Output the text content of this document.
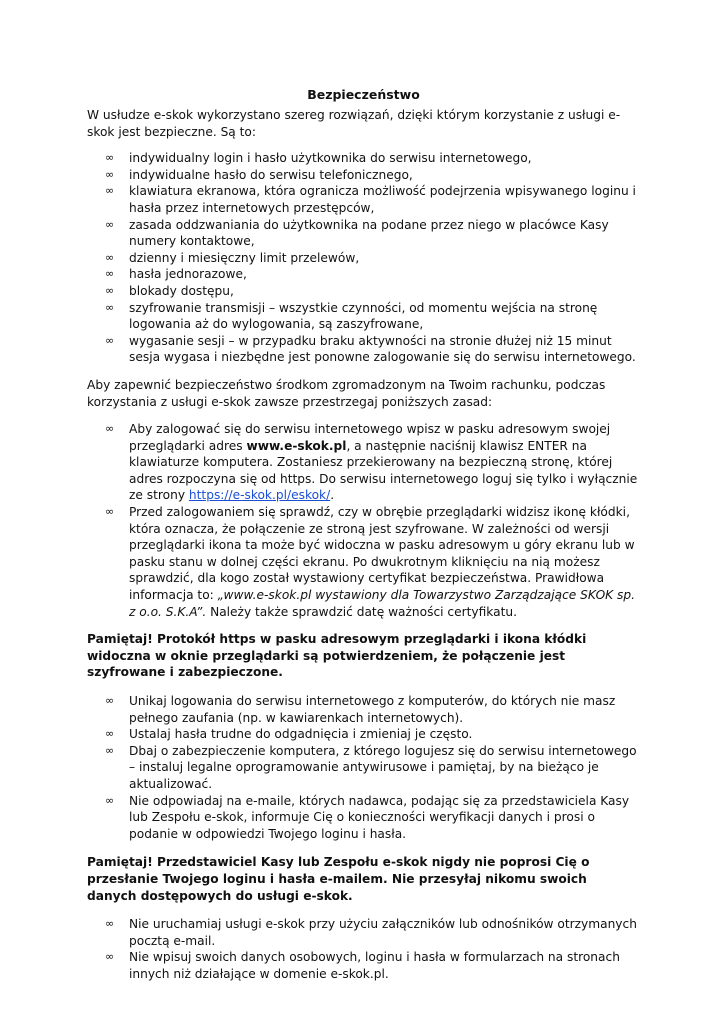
Bezpieczeństwo

W usłudze e-skok wykorzystano szereg rozwiązań, dzięki którym korzystanie z usługi e-skok jest bezpieczne. Są to:

∞ indywidualny login i hasło użytkownika do serwisu internetowego,
∞ indywidualne hasło do serwisu telefonicznego,
∞ klawiatura ekranowa, która ogranicza możliwość podejrzenia wpisywanego loginu i hasła przez internetowych przestępców,
∞ zasada oddzwaniania do użytkownika na podane przez niego w placówce Kasy numery kontaktowe,
∞ dzienny i miesięczny limit przelewów,
∞ hasła jednorazowe,
∞ blokady dostępu,
∞ szyfrowanie transmisji – wszystkie czynności, od momentu wejścia na stronę logowania aż do wylogowania, są zaszyfrowane,
∞ wygasanie sesji – w przypadku braku aktywności na stronie dłużej niż 15 minut sesja wygasa i niezbędne jest ponowne zalogowanie się do serwisu internetowego.

Aby zapewnić bezpieczeństwo środkom zgromadzonym na Twoim rachunku, podczas korzystania z usługi e-skok zawsze przestrzegaj poniższych zasad:

∞ Aby zalogować się do serwisu internetowego wpisz w pasku adresowym swojej przeglądarki adres www.e-skok.pl, a następnie naciśnij klawisz ENTER na klawiaturze komputera. Zostaniesz przekierowany na bezpieczną stronę, której adres rozpoczyna się od https. Do serwisu internetowego loguj się tylko i wyłącznie ze strony https://e-skok.pl/eskok/.
∞ Przed zalogowaniem się sprawdź, czy w obrębie przeglądarki widzisz ikonę kłódki, która oznacza, że połączenie ze stroną jest szyfrowane. W zależności od wersji przeglądarki ikona ta może być widoczna w pasku adresowym u góry ekranu lub w pasku stanu w dolnej części ekranu. Po dwukrotnym kliknięciu na nią możesz sprawdzić, dla kogo został wystawiony certyfikat bezpieczeństwa. Prawidłowa informacja to: „www.e-skok.pl wystawiony dla Towarzystwo Zarządzające SKOK sp. z o.o. S.K.A”. Należy także sprawdzić datę ważności certyfikatu.

Pamiętaj! Protokół https w pasku adresowym przeglądarki i ikona kłódki widoczna w oknie przeglądarki są potwierdzeniem, że połączenie jest szyfrowane i zabezpieczone.

∞ Unikaj logowania do serwisu internetowego z komputerów, do których nie masz pełnego zaufania (np. w kawiarenkach internetowych).
∞ Ustalaj hasła trudne do odgadnięcia i zmieniaj je często.
∞ Dbaj o zabezpieczenie komputera, z którego logujesz się do serwisu internetowego – instaluj legalne oprogramowanie antywirusowe i pamiętaj, by na bieżąco je aktualizować.
∞ Nie odpowiadaj na e-maile, których nadawca, podając się za przedstawiciela Kasy lub Zespołu e-skok, informuje Cię o konieczności weryfikacji danych i prosi o podanie w odpowiedzi Twojego loginu i hasła.

Pamiętaj! Przedstawiciel Kasy lub Zespołu e-skok nigdy nie poprosi Cię o przesłanie Twojego loginu i hasła e-mailem. Nie przesyłaj nikomu swoich danych dostępowych do usługi e-skok.

∞ Nie uruchamiaj usługi e-skok przy użyciu załączników lub odnośników otrzymanych pocztą e-mail.
∞ Nie wpisuj swoich danych osobowych, loginu i hasła w formularzach na stronach innych niż działające w domenie e-skok.pl.
